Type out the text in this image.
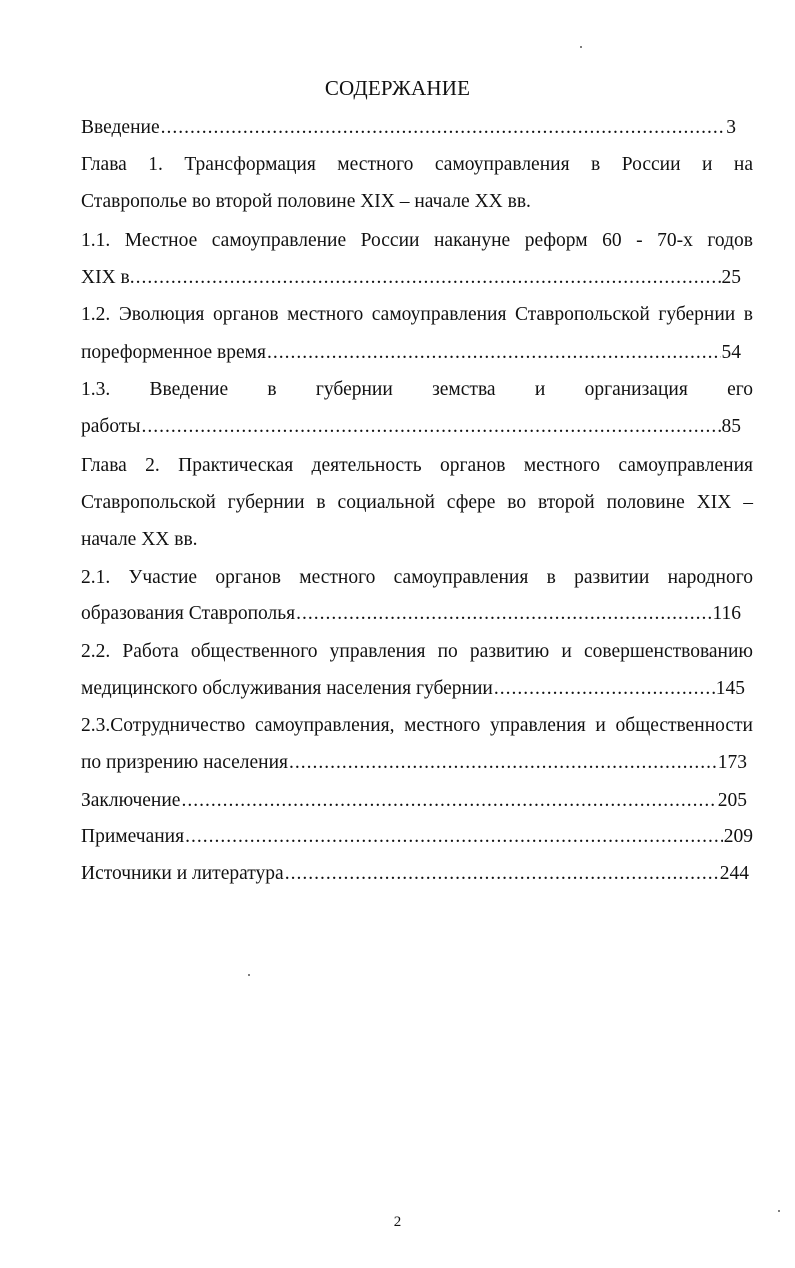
СОДЕРЖАНИЕ
Введение .....	3
Глава 1. Трансформация местного самоуправления в России и на
Ставрополье во второй половине XIX – начале XX вв.
1.1. Местное самоуправление России накануне реформ 60 - 70-х годов
XIX в. .....	25
1.2. Эволюция органов местного самоуправления Ставропольской губернии в
пореформенное время .....	54
1.3. Введение в губернии земства и организация его
работы .....	85
Глава 2. Практическая деятельность органов местного самоуправления
Ставропольской губернии в социальной сфере во второй половине XIX –
начале XX вв.
2.1. Участие органов местного самоуправления в развитии народного
образования Ставрополья .....	116
2.2. Работа общественного управления по развитию и совершенствованию
медицинского обслуживания населения губернии .....	145
2.3.Сотрудничество самоуправления, местного управления и общественности
по призрению населения .....	173
Заключение .....	205
Примечания .....	209
Источники и литература .....	244
2
